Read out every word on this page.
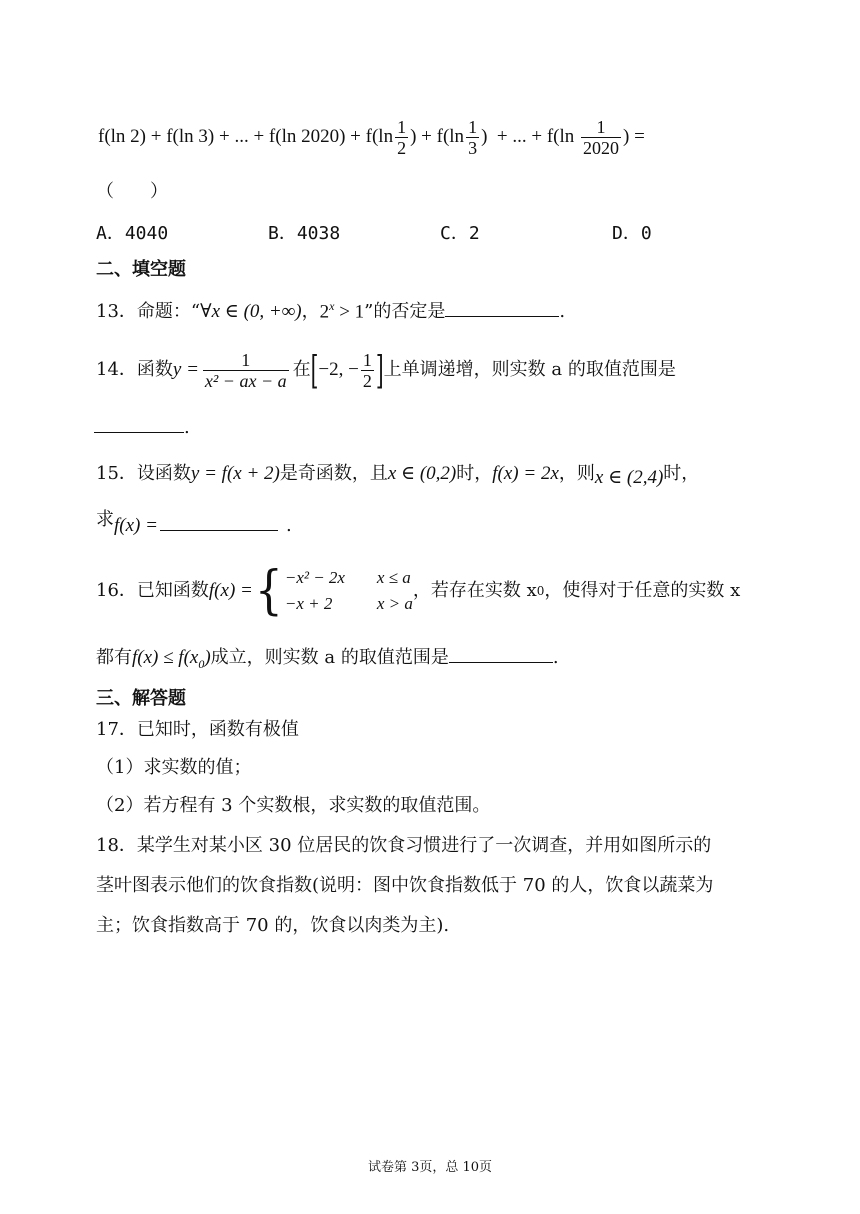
f(ln 2) + f(ln 3) + ... + f(ln $2020) + f(\ln \frac{1}{2}$ ) + $f(\ln \frac{1}{3}$ )  + ... + $f(\ln \frac{1}{2020}$ ) =
（　　）
A．4040	B．4038	C．2	D．0
二、填空题
13．命题：“ ∀x ∈ (0, +∞) ， $2^x > 1$ ”的否定是	.
14．函数 $y = \frac{1}{\text{x² − ax − a}}$ 在 [ −2, − $\frac{1}{2}$ ] 上单调递增，则实数 a 的取值范围是
.
15．设函数 y = f(x + 2) 是奇函数，且 x ∈ (0,2) 时， f(x) = 2x ，则 x ∈ (2,4) 时，
求 f(x) =	.
16．已知函数 f(x) = { −x² − 2x	x ≤ a
−x + 2	x > a
，若存在实数 x 0 ，使得对于任意的实数 x
都有 $f(x) \le f(x_0)$ 成立，则实数 a 的取值范围是	.
三、解答题
17．已知时，函数有极值
（1）求实数的值；
（2）若方程有 3 个实数根，求实数的取值范围。
18．某学生对某小区 30 位居民的饮食习惯进行了一次调查，并用如图所示的
茎叶图表示他们的饮食指数(说明：图中饮食指数低于 70 的人，饮食以蔬菜为
主；饮食指数高于 70 的，饮食以肉类为主).
试卷第 3页，总 10页
